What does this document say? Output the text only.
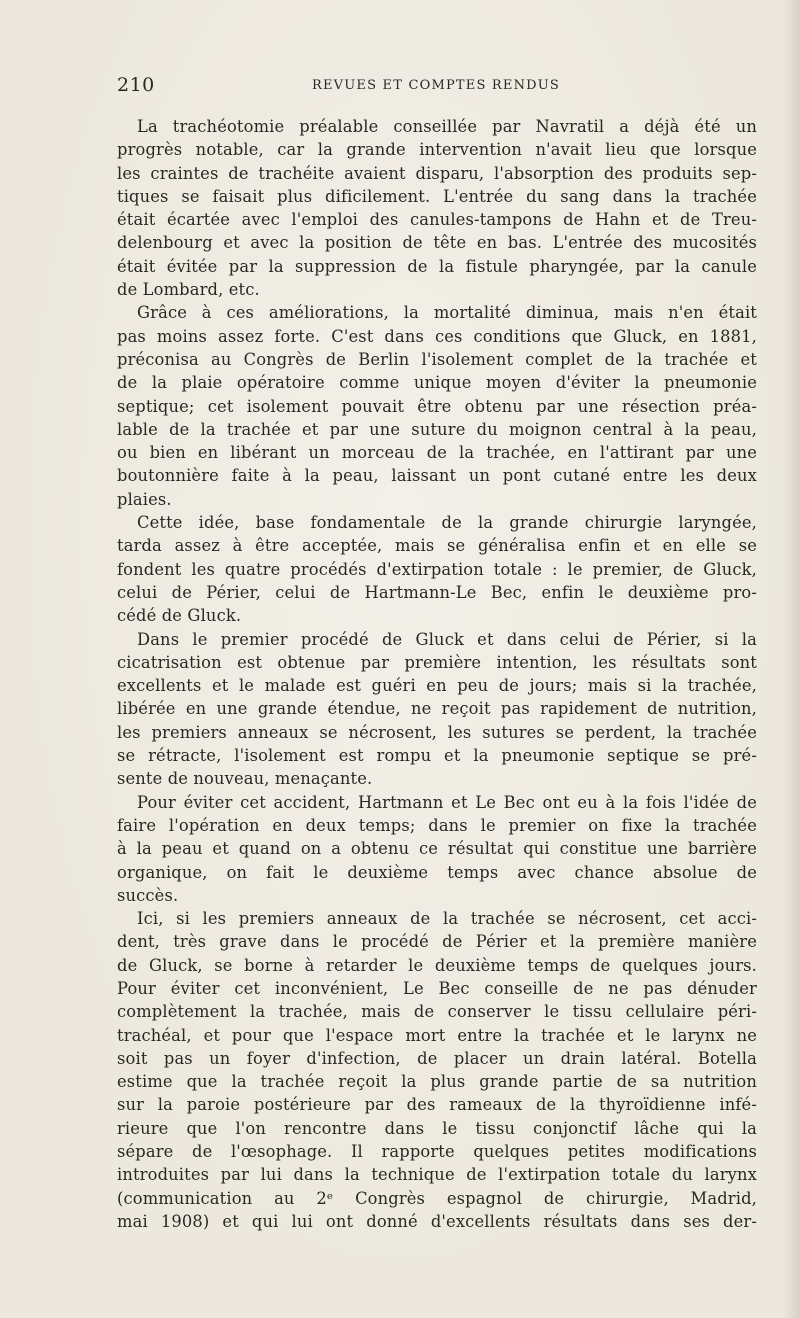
210	REVUES ET COMPTES RENDUS
La trachéotomie préalable conseillée par Navratil a déjà été un
progrès notable, car la grande intervention n'avait lieu que lorsque
les craintes de trachéite avaient disparu, l'absorption des produits sep-
tiques se faisait plus dificilement. L'entrée du sang dans la trachée
était écartée avec l'emploi des canules-tampons de Hahn et de Treu-
delenbourg et avec la position de tête en bas. L'entrée des mucosités
était évitée par la suppression de la fistule pharyngée, par la canule
de Lombard, etc.
Grâce à ces améliorations, la mortalité diminua, mais n'en était
pas moins assez forte. C'est dans ces conditions que Gluck, en 1881,
préconisa au Congrès de Berlin l'isolement complet de la trachée et
de la plaie opératoire comme unique moyen d'éviter la pneumonie
septique; cet isolement pouvait être obtenu par une résection préa-
lable de la trachée et par une suture du moignon central à la peau,
ou bien en libérant un morceau de la trachée, en l'attirant par une
boutonnière faite à la peau, laissant un pont cutané entre les deux
plaies.
Cette idée, base fondamentale de la grande chirurgie laryngée,
tarda assez à être acceptée, mais se généralisa enfin et en elle se
fondent les quatre procédés d'extirpation totale : le premier, de Gluck,
celui de Périer, celui de Hartmann-Le Bec, enfin le deuxième pro-
cédé de Gluck.
Dans le premier procédé de Gluck et dans celui de Périer, si la
cicatrisation est obtenue par première intention, les résultats sont
excellents et le malade est guéri en peu de jours; mais si la trachée,
libérée en une grande étendue, ne reçoit pas rapidement de nutrition,
les premiers anneaux se nécrosent, les sutures se perdent, la trachée
se rétracte, l'isolement est rompu et la pneumonie septique se pré-
sente de nouveau, menaçante.
Pour éviter cet accident, Hartmann et Le Bec ont eu à la fois l'idée de
faire l'opération en deux temps; dans le premier on fixe la trachée
à la peau et quand on a obtenu ce résultat qui constitue une barrière
organique, on fait le deuxième temps avec chance absolue de
succès.
Ici, si les premiers anneaux de la trachée se nécrosent, cet acci-
dent, très grave dans le procédé de Périer et la première manière
de Gluck, se borne à retarder le deuxième temps de quelques jours.
Pour éviter cet inconvénient, Le Bec conseille de ne pas dénuder
complètement la trachée, mais de conserver le tissu cellulaire péri-
trachéal, et pour que l'espace mort entre la trachée et le larynx ne
soit pas un foyer d'infection, de placer un drain latéral. Botella
estime que la trachée reçoit la plus grande partie de sa nutrition
sur la paroie postérieure par des rameaux de la thyroïdienne infé-
rieure que l'on rencontre dans le tissu conjonctif lâche qui la
sépare de l'œsophage. Il rapporte quelques petites modifications
introduites par lui dans la technique de l'extirpation totale du larynx
(communication au 2ᵉ Congrès espagnol de chirurgie, Madrid,
mai 1908) et qui lui ont donné d'excellents résultats dans ses der-
